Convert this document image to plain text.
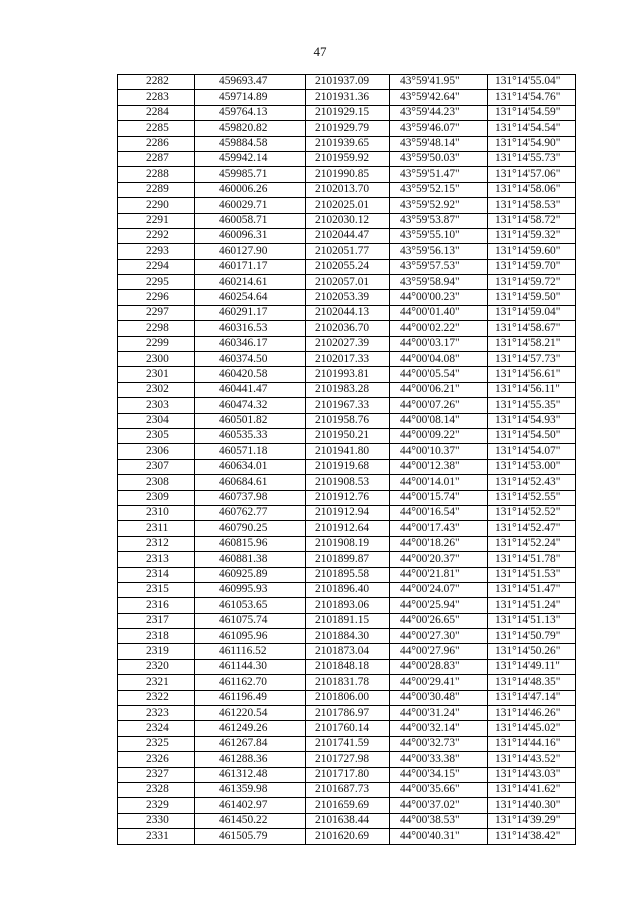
47
2282	459693.47	2101937.09	43°59'41.95"	131°14'55.04"
2283	459714.89	2101931.36	43°59'42.64"	131°14'54.76"
2284	459764.13	2101929.15	43°59'44.23"	131°14'54.59"
2285	459820.82	2101929.79	43°59'46.07"	131°14'54.54"
2286	459884.58	2101939.65	43°59'48.14"	131°14'54.90"
2287	459942.14	2101959.92	43°59'50.03"	131°14'55.73"
2288	459985.71	2101990.85	43°59'51.47"	131°14'57.06"
2289	460006.26	2102013.70	43°59'52.15"	131°14'58.06"
2290	460029.71	2102025.01	43°59'52.92"	131°14'58.53"
2291	460058.71	2102030.12	43°59'53.87"	131°14'58.72"
2292	460096.31	2102044.47	43°59'55.10"	131°14'59.32"
2293	460127.90	2102051.77	43°59'56.13"	131°14'59.60"
2294	460171.17	2102055.24	43°59'57.53"	131°14'59.70"
2295	460214.61	2102057.01	43°59'58.94"	131°14'59.72"
2296	460254.64	2102053.39	44°00'00.23"	131°14'59.50"
2297	460291.17	2102044.13	44°00'01.40"	131°14'59.04"
2298	460316.53	2102036.70	44°00'02.22"	131°14'58.67"
2299	460346.17	2102027.39	44°00'03.17"	131°14'58.21"
2300	460374.50	2102017.33	44°00'04.08"	131°14'57.73"
2301	460420.58	2101993.81	44°00'05.54"	131°14'56.61"
2302	460441.47	2101983.28	44°00'06.21"	131°14'56.11"
2303	460474.32	2101967.33	44°00'07.26"	131°14'55.35"
2304	460501.82	2101958.76	44°00'08.14"	131°14'54.93"
2305	460535.33	2101950.21	44°00'09.22"	131°14'54.50"
2306	460571.18	2101941.80	44°00'10.37"	131°14'54.07"
2307	460634.01	2101919.68	44°00'12.38"	131°14'53.00"
2308	460684.61	2101908.53	44°00'14.01"	131°14'52.43"
2309	460737.98	2101912.76	44°00'15.74"	131°14'52.55"
2310	460762.77	2101912.94	44°00'16.54"	131°14'52.52"
2311	460790.25	2101912.64	44°00'17.43"	131°14'52.47"
2312	460815.96	2101908.19	44°00'18.26"	131°14'52.24"
2313	460881.38	2101899.87	44°00'20.37"	131°14'51.78"
2314	460925.89	2101895.58	44°00'21.81"	131°14'51.53"
2315	460995.93	2101896.40	44°00'24.07"	131°14'51.47"
2316	461053.65	2101893.06	44°00'25.94"	131°14'51.24"
2317	461075.74	2101891.15	44°00'26.65"	131°14'51.13"
2318	461095.96	2101884.30	44°00'27.30"	131°14'50.79"
2319	461116.52	2101873.04	44°00'27.96"	131°14'50.26"
2320	461144.30	2101848.18	44°00'28.83"	131°14'49.11"
2321	461162.70	2101831.78	44°00'29.41"	131°14'48.35"
2322	461196.49	2101806.00	44°00'30.48"	131°14'47.14"
2323	461220.54	2101786.97	44°00'31.24"	131°14'46.26"
2324	461249.26	2101760.14	44°00'32.14"	131°14'45.02"
2325	461267.84	2101741.59	44°00'32.73"	131°14'44.16"
2326	461288.36	2101727.98	44°00'33.38"	131°14'43.52"
2327	461312.48	2101717.80	44°00'34.15"	131°14'43.03"
2328	461359.98	2101687.73	44°00'35.66"	131°14'41.62"
2329	461402.97	2101659.69	44°00'37.02"	131°14'40.30"
2330	461450.22	2101638.44	44°00'38.53"	131°14'39.29"
2331	461505.79	2101620.69	44°00'40.31"	131°14'38.42"
